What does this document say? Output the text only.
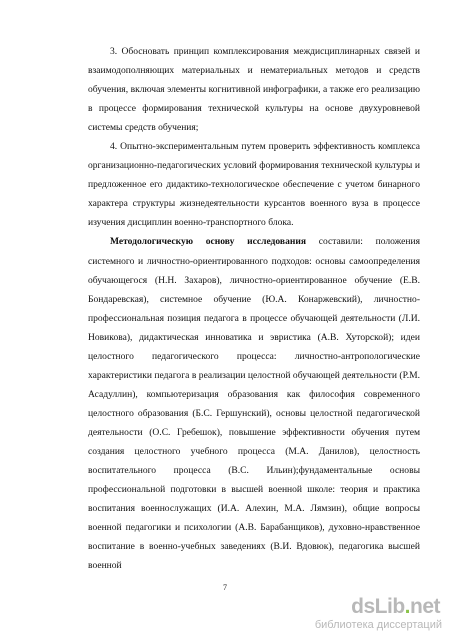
3. Обосновать принцип комплексирования междисциплинарных связей и взаимодополняющих материальных и нематериальных методов и средств обучения, включая элементы когнитивной инфографики, а также его реализацию в процессе формирования технической культуры на основе двухуровневой системы средств обучения;

4. Опытно-экспериментальным путем проверить эффективность комплекса организационно-педагогических условий формирования технической культуры и предложенное его дидактико-технологическое обеспечение с учетом бинарного характера структуры жизнедеятельности курсантов военного вуза в процессе изучения дисциплин военно-транспортного блока.

Методологическую основу исследования составили: положения системного и личностно-ориентированного подходов: основы самоопределения обучающегося (Н.Н. Захаров), личностно-ориентированное обучение (Е.В. Бондаревская), системное обучение (Ю.А. Конаржевский), личностно-профессиональная позиция педагога в процессе обучающей деятельности (Л.И. Новикова), дидактическая инноватика и эвристика (А.В. Хуторской); идеи целостного педагогического процесса: личностно-антропологические характеристики педагога в реализации целостной обучающей деятельности (Р.М. Асадуллин), компьютеризация образования как философия современного целостного образования (Б.С. Гершунский), основы целостной педагогической деятельности (О.С. Гребешок), повышение эффективности обучения путем создания целостного учебного процесса (М.А. Данилов), целостность воспитательного процесса (В.С. Ильин);фундаментальные основы профессиональной подготовки в высшей военной школе: теория и практика воспитания военнослужащих (И.А. Алехин, М.А. Лямзин), общие вопросы военной педагогики и психологии (А.В. Барабанщиков), духовно-нравственное воспитание в военно-учебных заведениях (В.И. Вдовюк), педагогика высшей военной

7
dsLib.net
библиотека диссертаций
